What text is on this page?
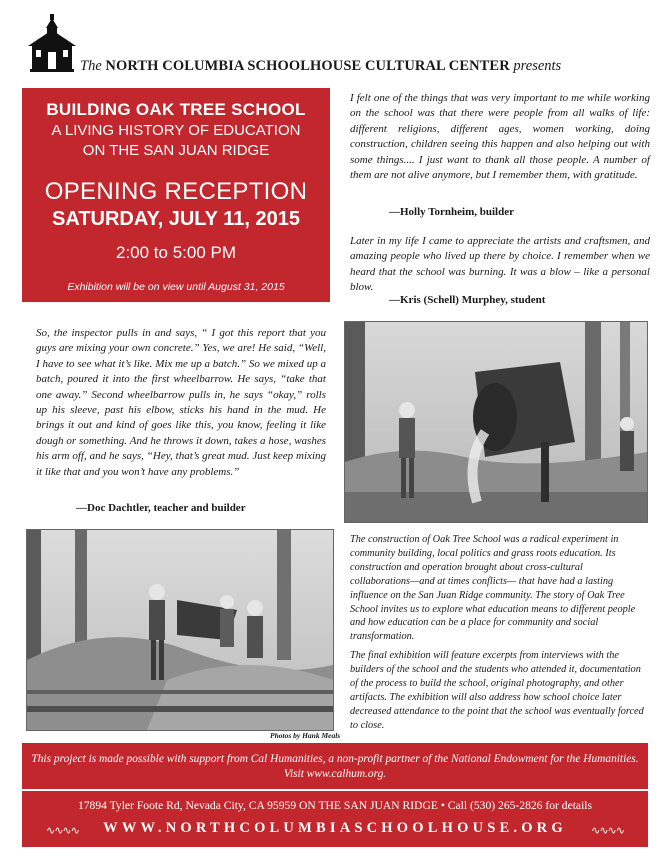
The NORTH COLUMBIA SCHOOLHOUSE CULTURAL CENTER presents
BUILDING OAK TREE SCHOOL
A LIVING HISTORY OF EDUCATION
ON THE SAN JUAN RIDGE
OPENING RECEPTION
SATURDAY, JULY 11, 2015
2:00 to 5:00 PM
Exhibition will be on view until August 31, 2015
I felt one of the things that was very important to me while working on the school was that there were people from all walks of life: different religions, different ages, women working, doing construction, children seeing this happen and also helping out with some things.... I just want to thank all those people. A number of them are not alive anymore, but I remember them, with gratitude.
—Holly Tornheim, builder
Later in my life I came to appreciate the artists and craftsmen, and amazing people who lived up there by choice. I remember when we heard that the school was burning. It was a blow – like a personal blow.
—Kris (Schell) Murphey, student
So, the inspector pulls in and says, “ I got this report that you guys are mixing your own concrete.” Yes, we are! He said, “Well, I have to see what it’s like. Mix me up a batch.” So we mixed up a batch, poured it into the first wheelbarrow. He says, “take that one away.” Second wheelbarrow pulls in, he says “okay,” rolls up his sleeve, past his elbow, sticks his hand in the mud. He brings it out and kind of goes like this, you know, feeling it like dough or something. And he throws it down, takes a hose, washes his arm off, and he says, “Hey, that’s great mud. Just keep mixing it like that and you won’t have any problems.”
—Doc Dachtler, teacher and builder
Photos by Hank Meals
The construction of Oak Tree School was a radical experiment in community building, local politics and grass roots education. Its construction and operation brought about cross-cultural collaborations—and at times conflicts— that have had a lasting influence on the San Juan Ridge community. The story of Oak Tree School invites us to explore what education means to different people and how education can be a place for community and social transformation.
The final exhibition will feature excerpts from interviews with the builders of the school and the students who attended it, documentation of the process to build the school, original photography, and other artifacts. The exhibition will also address how school choice later decreased attendance to the point that the school was eventually forced to close.
This project is made possible with support from Cal Humanities, a non-profit partner of the National Endowment for the Humanities. Visit www.calhum.org.
17894 Tyler Foote Rd, Nevada City, CA 95959 ON THE SAN JUAN RIDGE • Call (530) 265-2826 for details
∿∿∿∿	WWW.NORTHCOLUMBIASCHOOLHOUSE.ORG	∿∿∿∿
